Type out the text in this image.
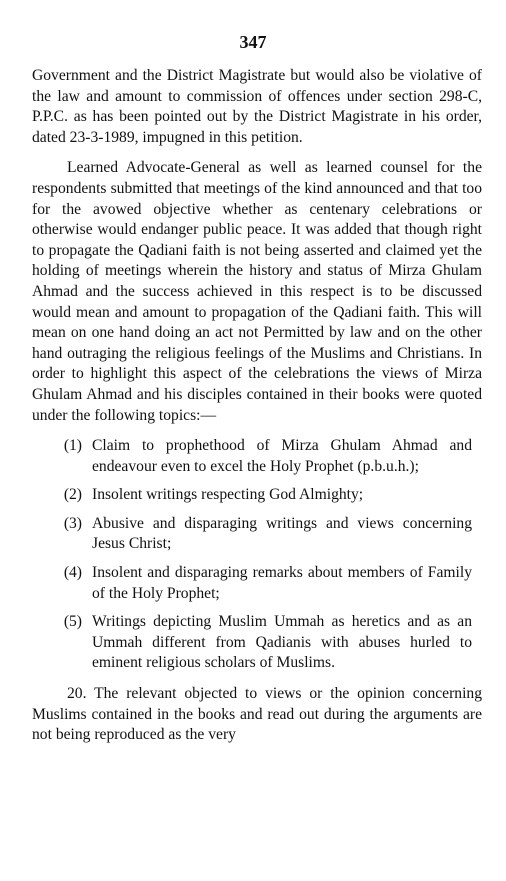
347

Government and the District Magistrate but would also be violative of the law and amount to commission of offences under section 298-C, P.P.C. as has been pointed out by the District Magistrate in his order, dated 23-3-1989, impugned in this petition.

Learned Advocate-General as well as learned counsel for the respondents submitted that meetings of the kind announced and that too for the avowed objective whether as centenary celebrations or otherwise would endanger public peace. It was added that though right to propagate the Qadiani faith is not being asserted and claimed yet the holding of meetings wherein the history and status of Mirza Ghulam Ahmad and the success achieved in this respect is to be discussed would mean and amount to propagation of the Qadiani faith. This will mean on one hand doing an act not Permitted by law and on the other hand outraging the religious feelings of the Muslims and Christians. In order to highlight this aspect of the celebrations the views of Mirza Ghulam Ahmad and his disciples contained in their books were quoted under the following topics:—

(1) Claim to prophethood of Mirza Ghulam Ahmad and endeavour even to excel the Holy Prophet (p.b.u.h.);
(2) Insolent writings respecting God Almighty;
(3) Abusive and disparaging writings and views concerning Jesus Christ;
(4) Insolent and disparaging remarks about members of Family of the Holy Prophet;
(5) Writings depicting Muslim Ummah as heretics and as an Ummah different from Qadianis with abuses hurled to eminent religious scholars of Muslims.

20. The relevant objected to views or the opinion concerning Muslims contained in the books and read out during the arguments are not being reproduced as the very
